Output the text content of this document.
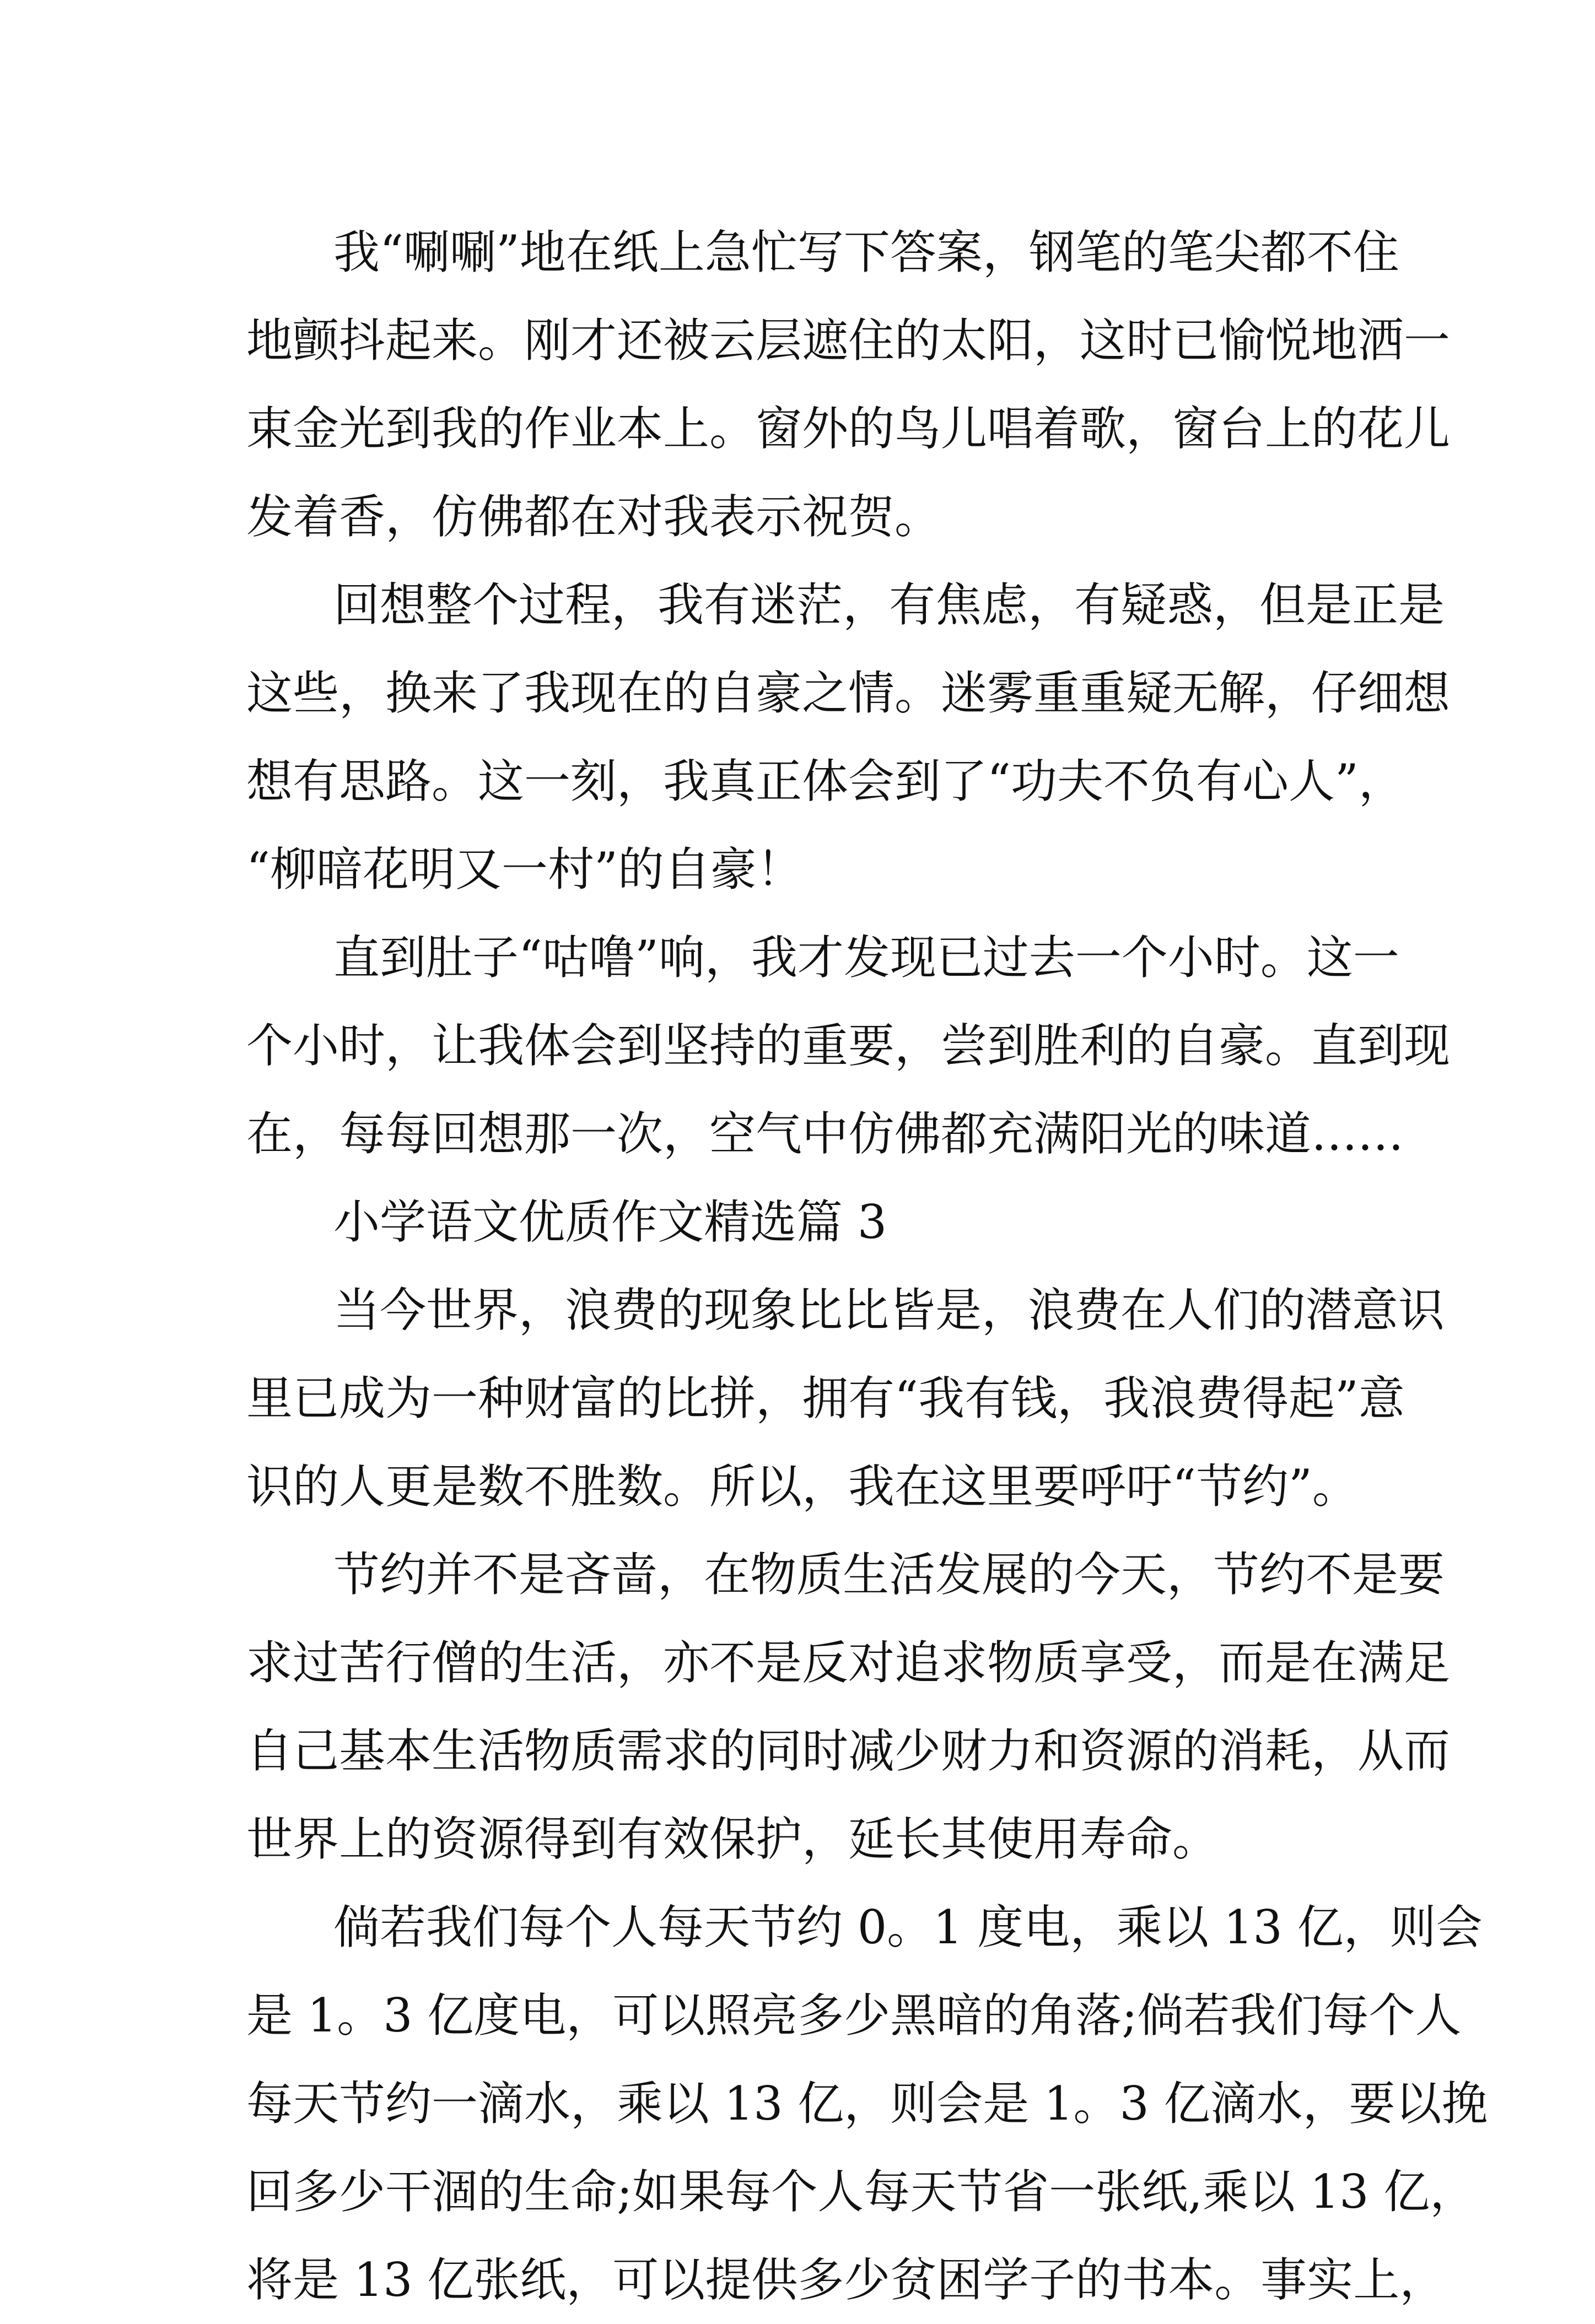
我“唰唰”地在纸上急忙写下答案，钢笔的笔尖都不住
地颤抖起来。刚才还被云层遮住的太阳，这时已愉悦地洒一
束金光到我的作业本上。窗外的鸟儿唱着歌，窗台上的花儿
发着香，仿佛都在对我表示祝贺。
回想整个过程，我有迷茫，有焦虑，有疑惑，但是正是
这些，换来了我现在的自豪之情。迷雾重重疑无解，仔细想
想有思路。这一刻，我真正体会到了“功夫不负有心人”，
“柳暗花明又一村”的自豪！
直到肚子“咕噜”响，我才发现已过去一个小时。这一
个小时，让我体会到坚持的重要，尝到胜利的自豪。直到现
在，每每回想那一次，空气中仿佛都充满阳光的味道……
小学语文优质作文精选篇 3
当今世界，浪费的现象比比皆是，浪费在人们的潜意识
里已成为一种财富的比拼，拥有“我有钱，我浪费得起”意
识的人更是数不胜数。所以，我在这里要呼吁“节约”。
节约并不是吝啬，在物质生活发展的今天，节约不是要
求过苦行僧的生活，亦不是反对追求物质享受，而是在满足
自己基本生活物质需求的同时减少财力和资源的消耗，从而
世界上的资源得到有效保护，延长其使用寿命。
倘若我们每个人每天节约 0。1 度电，乘以 13 亿，则会
是 1。3 亿度电，可以照亮多少黑暗的角落;倘若我们每个人
每天节约一滴水，乘以 13 亿，则会是 1。3 亿滴水，要以挽
回多少干涸的生命;如果每个人每天节省一张纸,乘以 13 亿，
将是 13 亿张纸，可以提供多少贫困学子的书本。事实上，
